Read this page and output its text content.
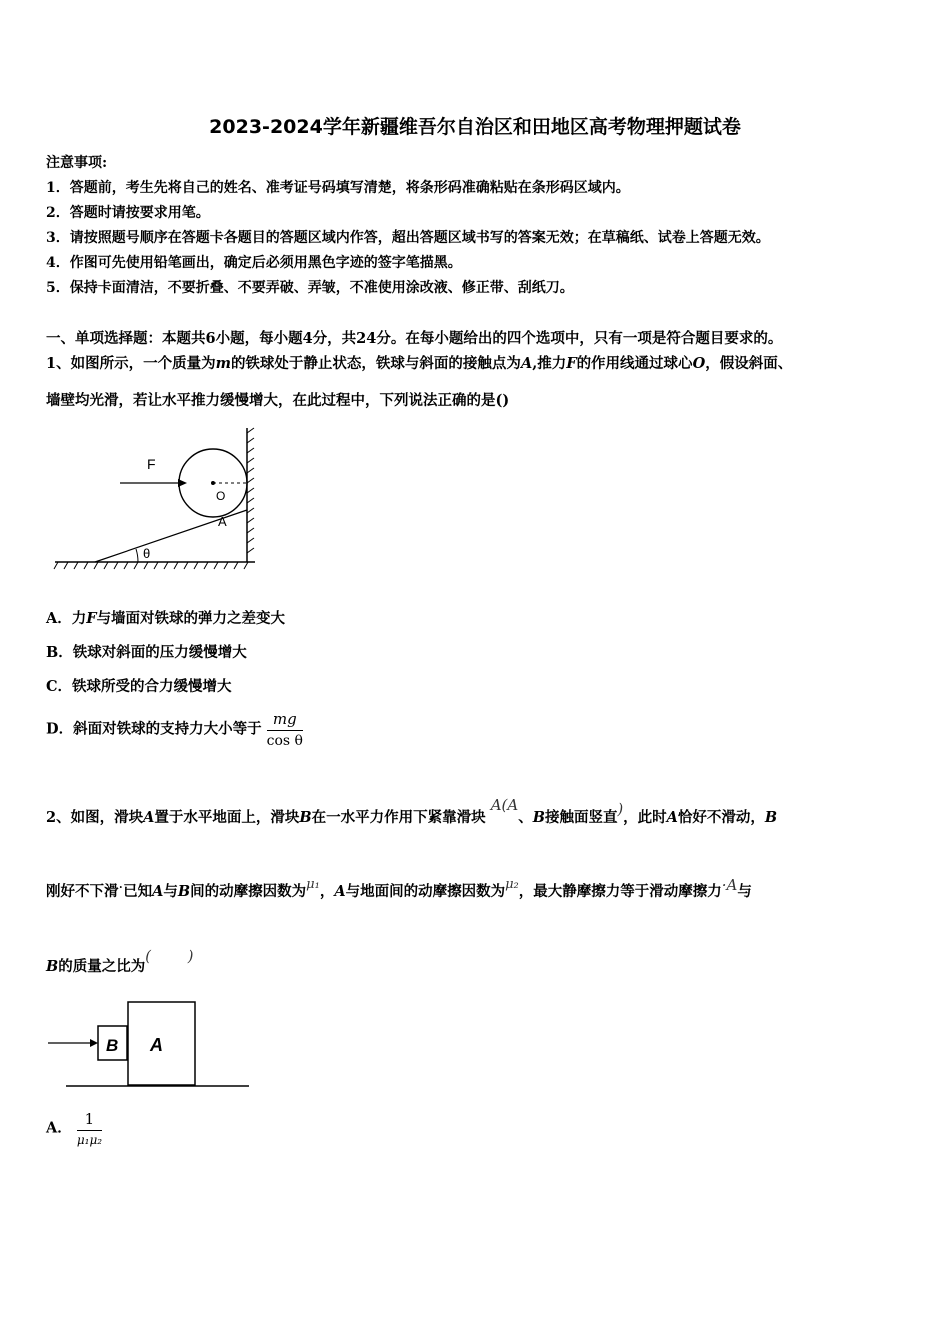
2023-2024学年新疆维吾尔自治区和田地区高考物理押题试卷
注意事项:
1．答题前，考生先将自己的姓名、准考证号码填写清楚，将条形码准确粘贴在条形码区域内。
2．答题时请按要求用笔。
3．请按照题号顺序在答题卡各题目的答题区域内作答，超出答题区域书写的答案无效；在草稿纸、试卷上答题无效。
4．作图可先使用铅笔画出，确定后必须用黑色字迹的签字笔描黑。
5．保持卡面清洁，不要折叠、不要弄破、弄皱，不准使用涂改液、修正带、刮纸刀。
一、单项选择题：本题共6小题，每小题4分，共24分。在每小题给出的四个选项中，只有一项是符合题目要求的。
1、如图所示，一个质量为m的铁球处于静止状态，铁球与斜面的接触点为A,推力F的作用线通过球心O，假设斜面、
墙壁均光滑，若让水平推力缓慢增大，在此过程中，下列说法正确的是()
F
O
A
θ
A．力F与墙面对铁球的弹力之差变大
B．铁球对斜面的压力缓慢增大
C．铁球所受的合力缓慢增大
D．斜面对铁球的支持力大小等于 $\frac{mg}{\text{cos θ}}$
2、如图，滑块A置于水平地面上，滑块B在一水平力作用下紧靠滑块 A(A、B接触面竖直)，此时A恰好不滑动，B
刚好不下滑·已知A与B间的动摩擦因数为μ₁，A与地面间的动摩擦因数为μ₂，最大静摩擦力等于滑动摩擦力·A与
B的质量之比为(        )
B A
A． $\frac{1}{\text{μ₁μ₂}}$
